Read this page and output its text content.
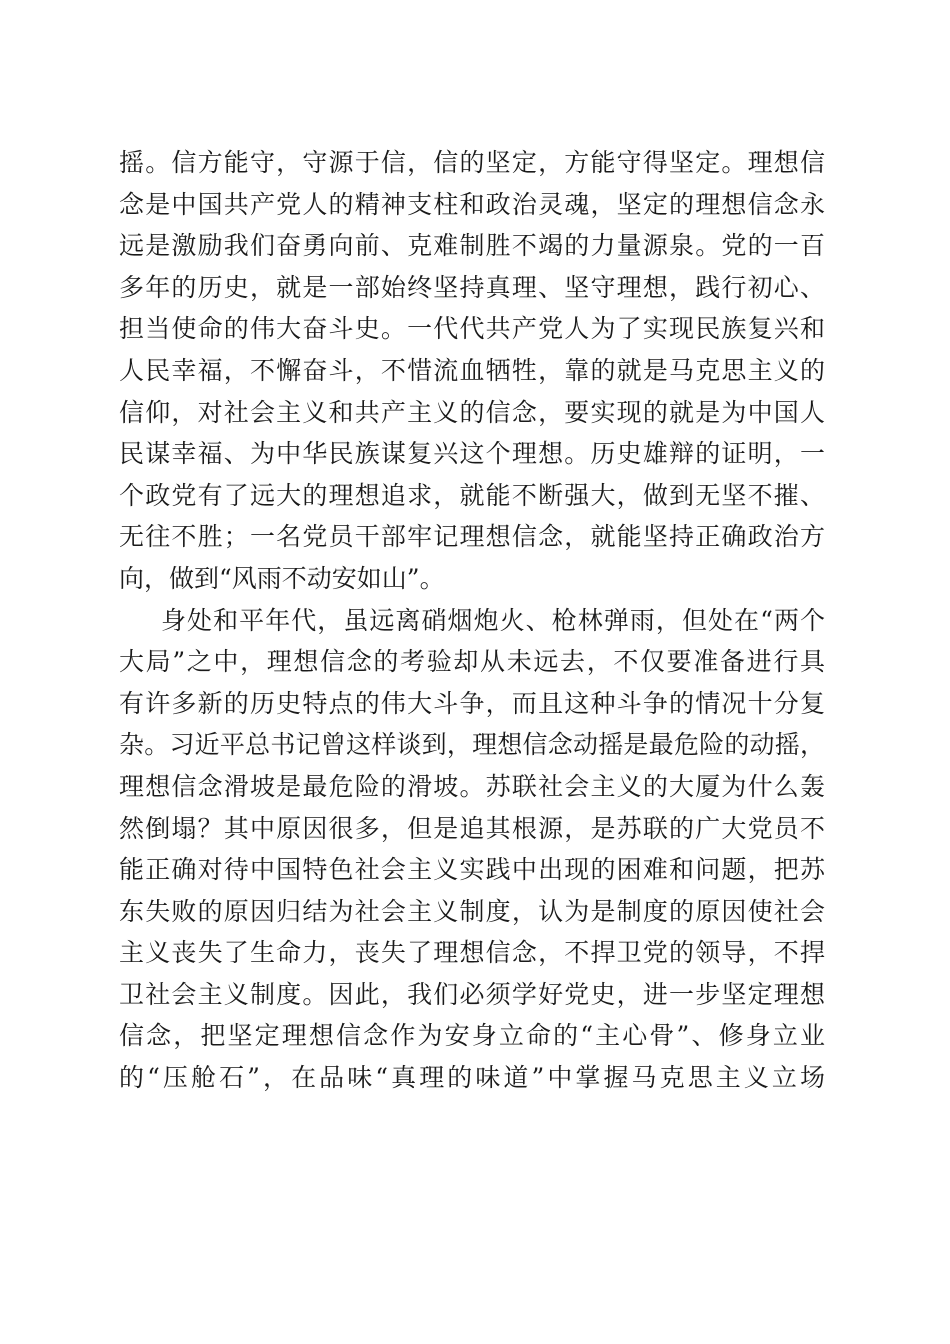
摇。信方能守，守源于信，信的坚定，方能守得坚定。理想信
念是中国共产党人的精神支柱和政治灵魂，坚定的理想信念永
远是激励我们奋勇向前、克难制胜不竭的力量源泉。党的一百
多年的历史，就是一部始终坚持真理、坚守理想，践行初心、
担当使命的伟大奋斗史。一代代共产党人为了实现民族复兴和
人民幸福，不懈奋斗，不惜流血牺牲，靠的就是马克思主义的
信仰，对社会主义和共产主义的信念，要实现的就是为中国人
民谋幸福、为中华民族谋复兴这个理想。历史雄辩的证明，一
个政党有了远大的理想追求，就能不断强大，做到无坚不摧、
无往不胜；一名党员干部牢记理想信念，就能坚持正确政治方
向，做到“风雨不动安如山”。
身处和平年代，虽远离硝烟炮火、枪林弹雨，但处在“两个
大局”之中，理想信念的考验却从未远去，不仅要准备进行具
有许多新的历史特点的伟大斗争，而且这种斗争的情况十分复
杂。习近平总书记曾这样谈到，理想信念动摇是最危险的动摇，
理想信念滑坡是最危险的滑坡。苏联社会主义的大厦为什么轰
然倒塌？其中原因很多，但是追其根源，是苏联的广大党员不
能正确对待中国特色社会主义实践中出现的困难和问题，把苏
东失败的原因归结为社会主义制度，认为是制度的原因使社会
主义丧失了生命力，丧失了理想信念，不捍卫党的领导，不捍
卫社会主义制度。因此，我们必须学好党史，进一步坚定理想
信念，把坚定理想信念作为安身立命的“主心骨”、修身立业
的“压舱石”，在品味“真理的味道”中掌握马克思主义立场
